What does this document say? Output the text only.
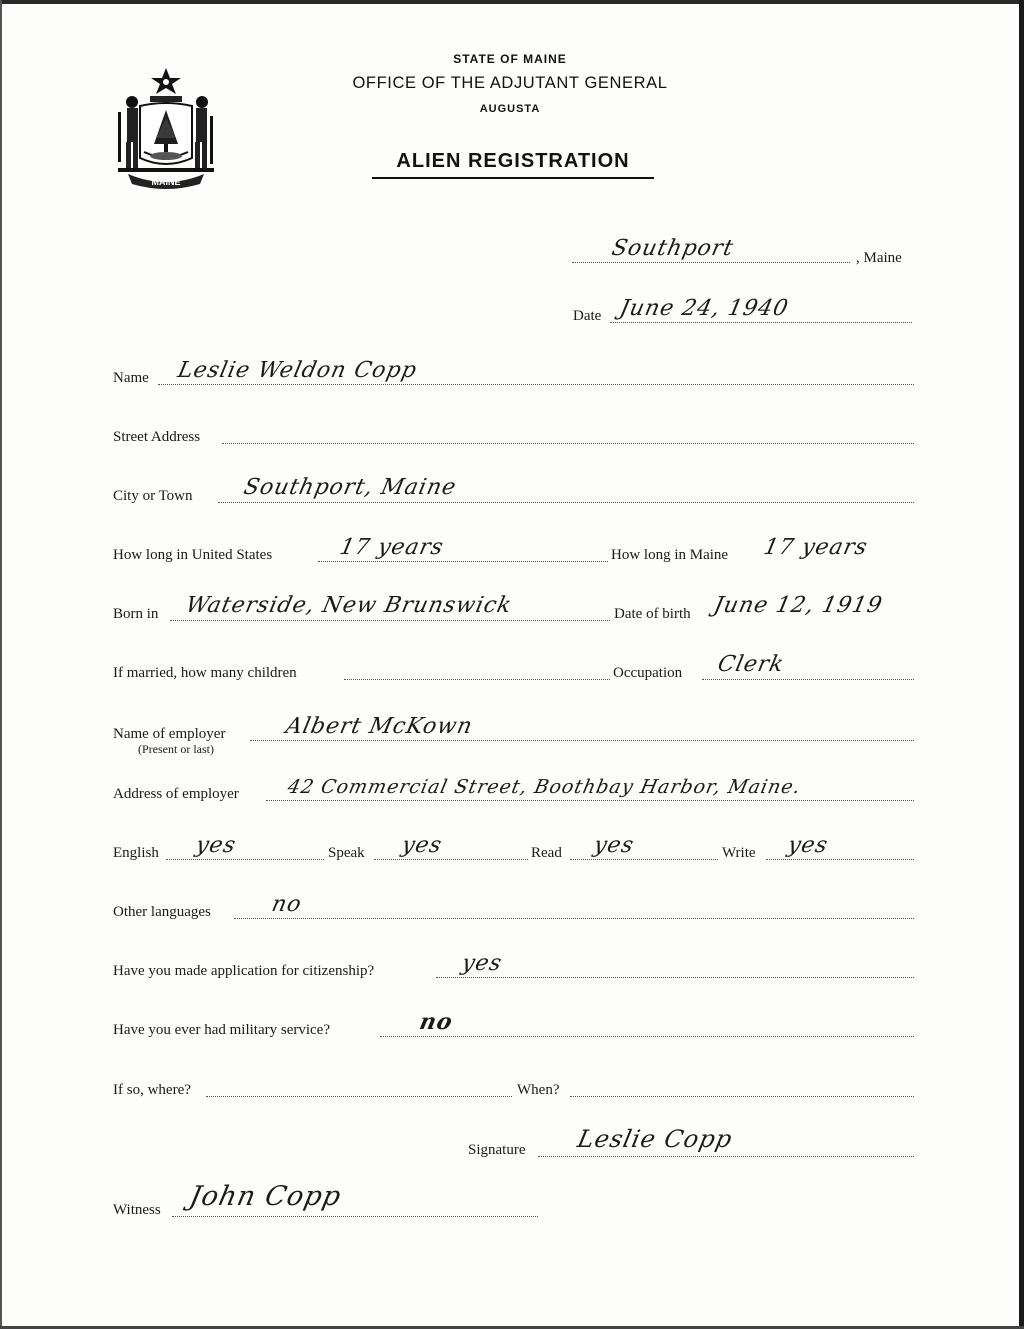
MAINE
STATE OF MAINE
OFFICE OF THE ADJUTANT GENERAL
AUGUSTA
ALIEN REGISTRATION
Southport	, Maine
Date June 24, 1940
Name Leslie Weldon Copp
Street Address
City or Town Southport, Maine
How long in United States	17 years	How long in Maine 17 years
Born in Waterside, New Brunswick	Date of birth June 12, 1919
If married, how many children	Occupation Clerk
Name of employer
(Present or last)
Albert McKown
Address of employer 42 Commercial Street, Boothbay Harbor, Maine.
English yes	Speak yes	Read yes	Write yes
Other languages	no
Have you made application for citizenship?	yes
Have you ever had military service?	no
If so, where?	When?
Signature Leslie Copp
Witness John Copp
